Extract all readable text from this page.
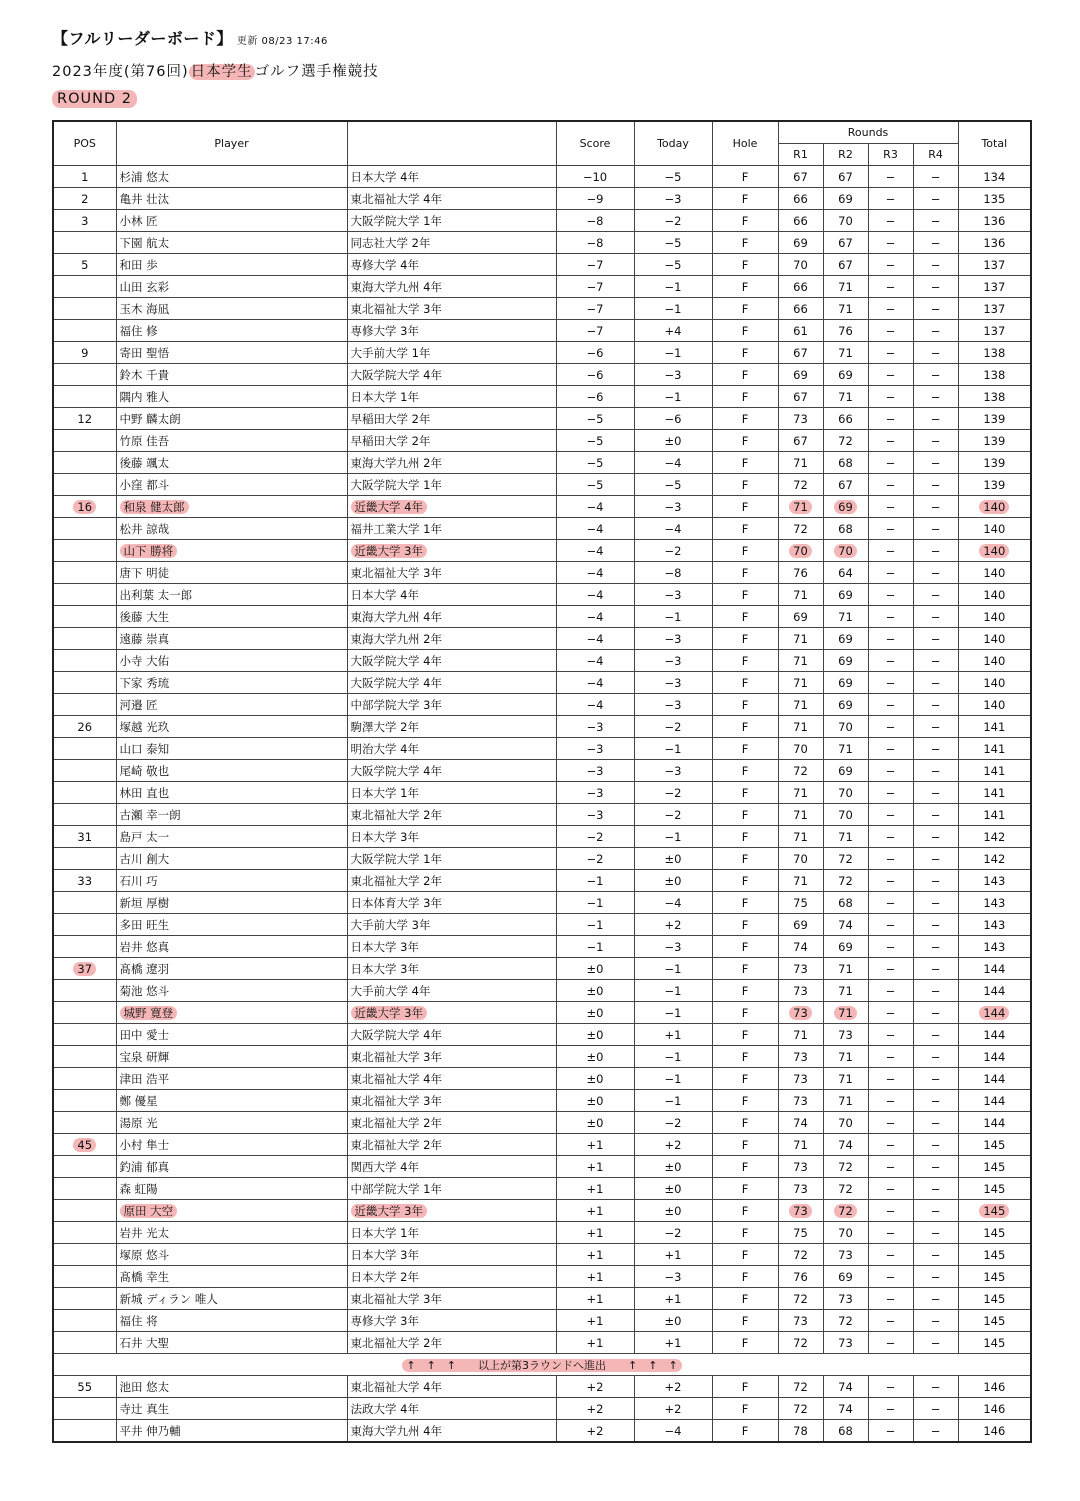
【フルリーダーボード】 更新 08/23 17:46
2023年度(第76回) 日本学生 ゴルフ選手権競技
ROUND 2
POS	Player		Score	Today	Hole	Rounds				Total
						R1	R2	R3	R4	
1	杉浦 悠太	日本大学 4年	−10	−5	F	67	67	−	−	134
2	亀井 壮汰	東北福祉大学 4年	−9	−3	F	66	69	−	−	135
3	小林 匠	大阪学院大学 1年	−8	−2	F	66	70	−	−	136
	下園 航太	同志社大学 2年	−8	−5	F	69	67	−	−	136
5	和田 歩	専修大学 4年	−7	−5	F	70	67	−	−	137
	山田 玄彩	東海大学九州 4年	−7	−1	F	66	71	−	−	137
	玉木 海凪	東北福祉大学 3年	−7	−1	F	66	71	−	−	137
	福住 修	専修大学 3年	−7	+4	F	61	76	−	−	137
9	寄田 聖悟	大手前大学 1年	−6	−1	F	67	71	−	−	138
	鈴木 千貴	大阪学院大学 4年	−6	−3	F	69	69	−	−	138
	隅内 雅人	日本大学 1年	−6	−1	F	67	71	−	−	138
12	中野 麟太朗	早稲田大学 2年	−5	−6	F	73	66	−	−	139
	竹原 佳吾	早稲田大学 2年	−5	±0	F	67	72	−	−	139
	後藤 颯太	東海大学九州 2年	−5	−4	F	71	68	−	−	139
	小窪 都斗	大阪学院大学 1年	−5	−5	F	72	67	−	−	139
16	和泉 健太郎	近畿大学 4年	−4	−3	F	71	69	−	−	140
	松井 諒哉	福井工業大学 1年	−4	−4	F	72	68	−	−	140
	山下 勝将	近畿大学 3年	−4	−2	F	70	70	−	−	140
	唐下 明徒	東北福祉大学 3年	−4	−8	F	76	64	−	−	140
	出利葉 太一郎	日本大学 4年	−4	−3	F	71	69	−	−	140
	後藤 大生	東海大学九州 4年	−4	−1	F	69	71	−	−	140
	遠藤 崇真	東海大学九州 2年	−4	−3	F	71	69	−	−	140
	小寺 大佑	大阪学院大学 4年	−4	−3	F	71	69	−	−	140
	下家 秀琉	大阪学院大学 4年	−4	−3	F	71	69	−	−	140
	河邉 匠	中部学院大学 3年	−4	−3	F	71	69	−	−	140
26	塚越 光玖	駒澤大学 2年	−3	−2	F	71	70	−	−	141
	山口 泰知	明治大学 4年	−3	−1	F	70	71	−	−	141
	尾崎 敬也	大阪学院大学 4年	−3	−3	F	72	69	−	−	141
	林田 直也	日本大学 1年	−3	−2	F	71	70	−	−	141
	古瀬 幸一朗	東北福祉大学 2年	−3	−2	F	71	70	−	−	141
31	島戸 太一	日本大学 3年	−2	−1	F	71	71	−	−	142
	古川 創大	大阪学院大学 1年	−2	±0	F	70	72	−	−	142
33	石川 巧	東北福祉大学 2年	−1	±0	F	71	72	−	−	143
	新垣 厚樹	日本体育大学 3年	−1	−4	F	75	68	−	−	143
	多田 旺生	大手前大学 3年	−1	+2	F	69	74	−	−	143
	岩井 悠真	日本大学 3年	−1	−3	F	74	69	−	−	143
37	髙橋 遼羽	日本大学 3年	±0	−1	F	73	71	−	−	144
	菊池 悠斗	大手前大学 4年	±0	−1	F	73	71	−	−	144
	城野 寛登	近畿大学 3年	±0	−1	F	73	71	−	−	144
	田中 愛士	大阪学院大学 4年	±0	+1	F	71	73	−	−	144
	宝泉 研輝	東北福祉大学 3年	±0	−1	F	73	71	−	−	144
	津田 浩平	東北福祉大学 4年	±0	−1	F	73	71	−	−	144
	鄭 優星	東北福祉大学 3年	±0	−1	F	73	71	−	−	144
	湯原 光	東北福祉大学 2年	±0	−2	F	74	70	−	−	144
45	小村 隼士	東北福祉大学 2年	+1	+2	F	71	74	−	−	145
	釣浦 郁真	関西大学 4年	+1	±0	F	73	72	−	−	145
	森 虹陽	中部学院大学 1年	+1	±0	F	73	72	−	−	145
	原田 大空	近畿大学 3年	+1	±0	F	73	72	−	−	145
	岩井 光太	日本大学 1年	+1	−2	F	75	70	−	−	145
	塚原 悠斗	日本大学 3年	+1	+1	F	72	73	−	−	145
	髙橋 幸生	日本大学 2年	+1	−3	F	76	69	−	−	145
	新城 ディラン 唯人	東北福祉大学 3年	+1	+1	F	72	73	−	−	145
	福住 将	専修大学 3年	+1	±0	F	73	72	−	−	145
	石井 大聖	東北福祉大学 2年	+1	+1	F	72	73	−	−	145
↑　↑　↑　　以上が第3ラウンドへ進出　　↑　↑　↑										
55	池田 悠太	東北福祉大学 4年	+2	+2	F	72	74	−	−	146
	寺辻 真生	法政大学 4年	+2	+2	F	72	74	−	−	146
	平井 伸乃輔	東海大学九州 4年	+2	−4	F	78	68	−	−	146
